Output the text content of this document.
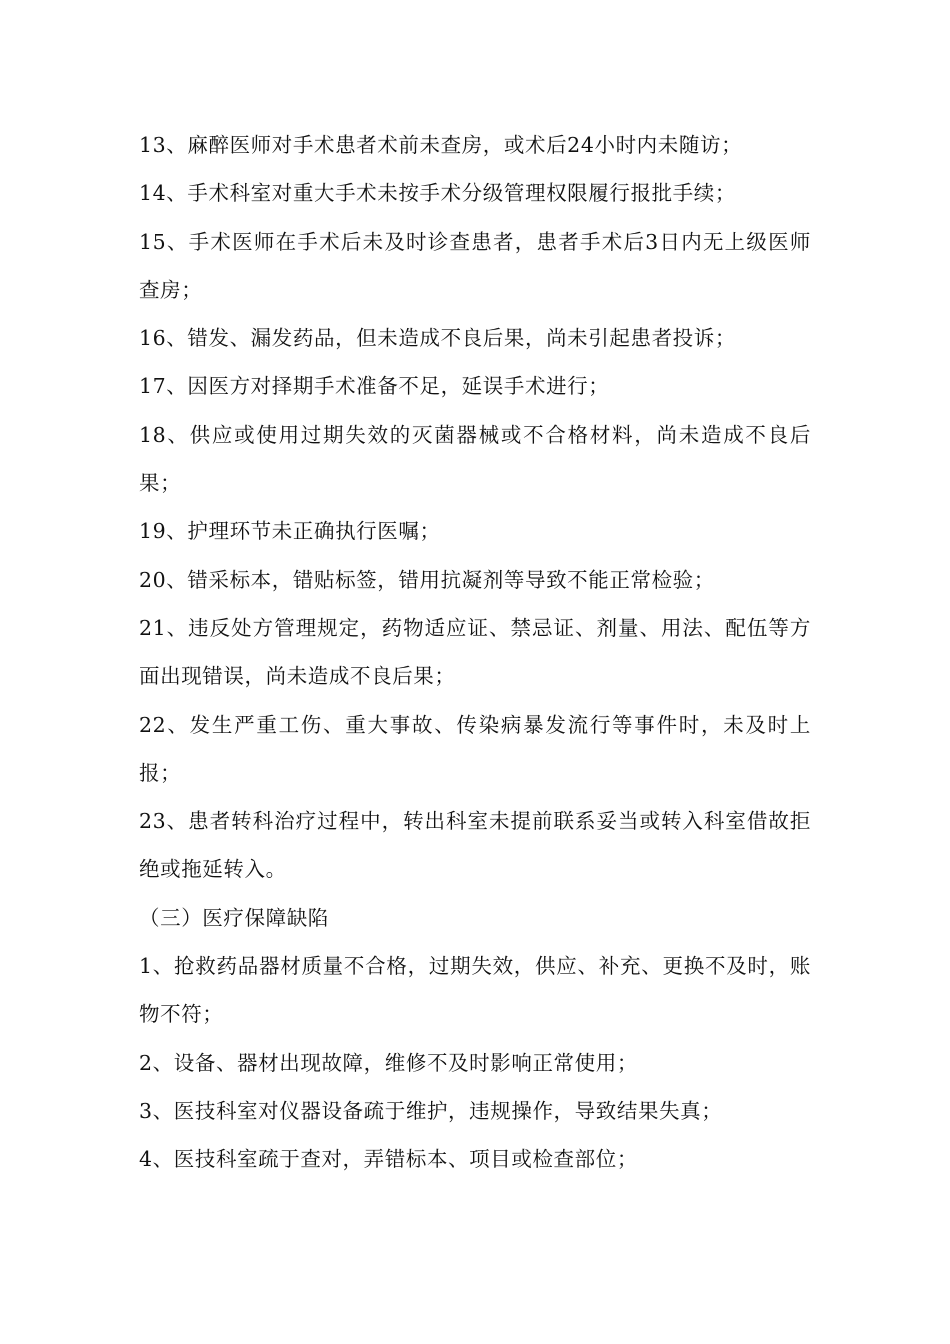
13、麻醉医师对手术患者术前未查房，或术后24小时内未随访；

14、手术科室对重大手术未按手术分级管理权限履行报批手续；

15、手术医师在手术后未及时诊查患者，患者手术后3日内无上级医师查房；

16、错发、漏发药品，但未造成不良后果，尚未引起患者投诉；

17、因医方对择期手术准备不足，延误手术进行；

18、供应或使用过期失效的灭菌器械或不合格材料，尚未造成不良后果；

19、护理环节未正确执行医嘱；

20、错采标本，错贴标签，错用抗凝剂等导致不能正常检验；

21、违反处方管理规定，药物适应证、禁忌证、剂量、用法、配伍等方面出现错误，尚未造成不良后果；

22、发生严重工伤、重大事故、传染病暴发流行等事件时，未及时上报；

23、患者转科治疗过程中，转出科室未提前联系妥当或转入科室借故拒绝或拖延转入。

（三）医疗保障缺陷

1、抢救药品器材质量不合格，过期失效，供应、补充、更换不及时，账物不符；

2、设备、器材出现故障，维修不及时影响正常使用；

3、医技科室对仪器设备疏于维护，违规操作，导致结果失真；

4、医技科室疏于查对，弄错标本、项目或检查部位；
